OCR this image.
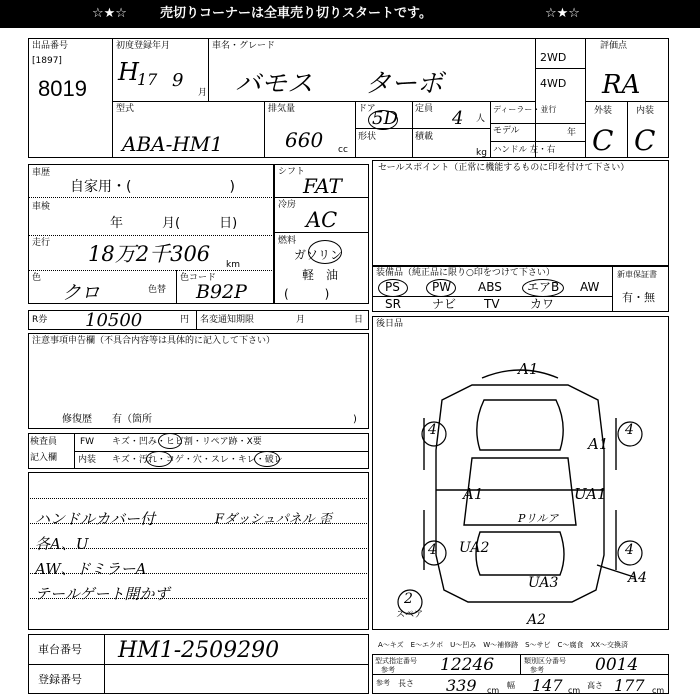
☆★☆	売切りコーナーは全車売り切りスタートです。	☆★☆
出品番号
[1897]
8019
初度登録年月
H
17 9
月
車名・グレード
バモス　　ターボ
2WD
4WD
評価点
RA
型式
ABA-HM1
排気量
660 cc
ドア
5D 定員 4 人
形状	積載
kg
ディーラー・並行
モデル	年
ハンドル 左・右
外装	内装
C C
車歴
自家用・(　　　　　　　)
車検
年　　　月(　　　日)
走行 18万2千306 km
色
クロ	色替
色コード
B92P
シフト
FAT
冷房
AC
燃料
ガソリン
軽　油
(　　　)
R券 10500	円 名変通知期限	月	日
注意事項申告欄（不具合内容等は具体的に記入して下さい）
修復歴　　有（箇所	)
検査員
記入欄
FW キズ・凹み・ヒビ割・リペア跡・X要
内装 キズ・汚れ・コゲ・穴・スレ・キレ・破レ
ハンドルカバー付
各A、U
AW、ドミラーA
テールゲート開かず
Fダッシュパネル 歪
セールスポイント（正常に機能するものに印を付けて下さい）
装備品（純正品に限り○印をつけて下さい）
PS	PW ABS エアB AW
SR	ナビ TV	カワ
新車保証書
有・無
後日品
A1
A1
A1	UA1
UA2
UA3
A2
A4
Pリルア
4	4
4	4
2
スペア
A～キズ　E～エクボ　U～凹み　W～補修跡　S～サビ　C～腐食　XX～交換済
車台番号 HM1-2509290
登録番号
型式指定番号
参考	12246	類別区分番号
参考	0014
参考 長さ 339 cm
幅 147 cm
高さ 177 cm
